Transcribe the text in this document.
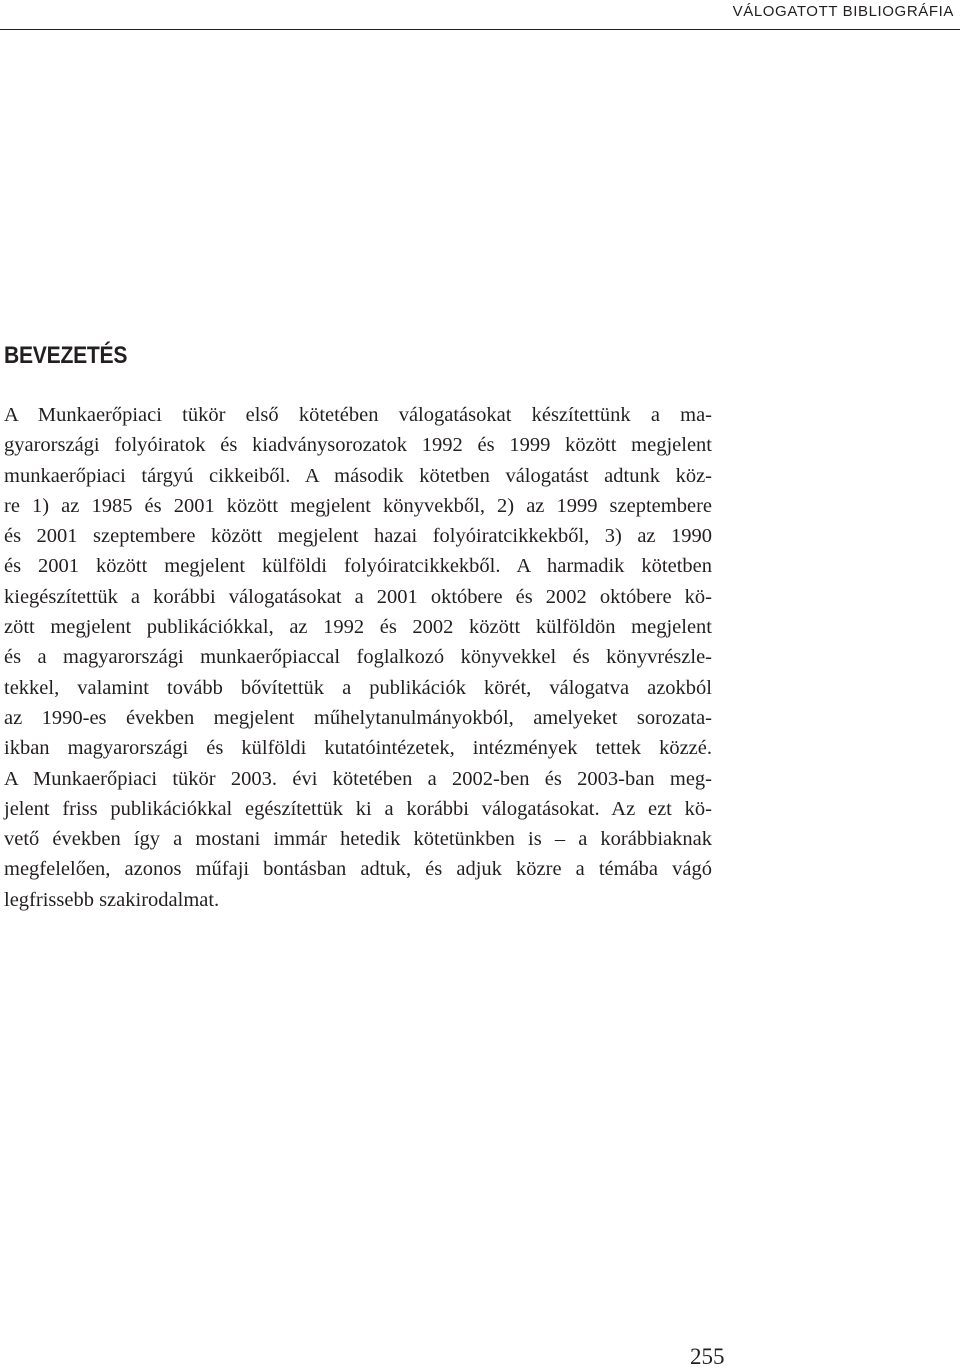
VÁLOGATOTT BIBLIOGRÁFIA
BEVEZETÉS

A Munkaerőpiaci tükör első kötetében válogatásokat készítettünk a ma-
gyarországi folyóiratok és kiadványsorozatok 1992 és 1999 között megjelent
munkaerőpiaci tárgyú cikkeiből. A második kötetben válogatást adtunk köz-
re 1) az 1985 és 2001 között megjelent könyvekből, 2) az 1999 szeptembere
és 2001 szeptembere között megjelent hazai folyóiratcikkekből, 3) az 1990
és 2001 között megjelent külföldi folyóiratcikkekből. A harmadik kötetben
kiegészítettük a korábbi válogatásokat a 2001 októbere és 2002 októbere kö-
zött megjelent publikációkkal, az 1992 és 2002 között külföldön megjelent
és a magyarországi munkaerőpiaccal foglalkozó könyvekkel és könyvrészle-
tekkel, valamint tovább bővítettük a publikációk körét, válogatva azokból
az 1990-es években megjelent műhelytanulmányokból, amelyeket sorozata-
ikban magyarországi és külföldi kutatóintézetek, intézmények tettek közzé.
A Munkaerőpiaci tükör 2003. évi kötetében a 2002-ben és 2003-ban meg-
jelent friss publikációkkal egészítettük ki a korábbi válogatásokat. Az ezt kö-
vető években így a mostani immár hetedik kötetünkben is – a korábbiaknak
megfelelően, azonos műfaji bontásban adtuk, és adjuk közre a témába vágó
legfrissebb szakirodalmat.

255
